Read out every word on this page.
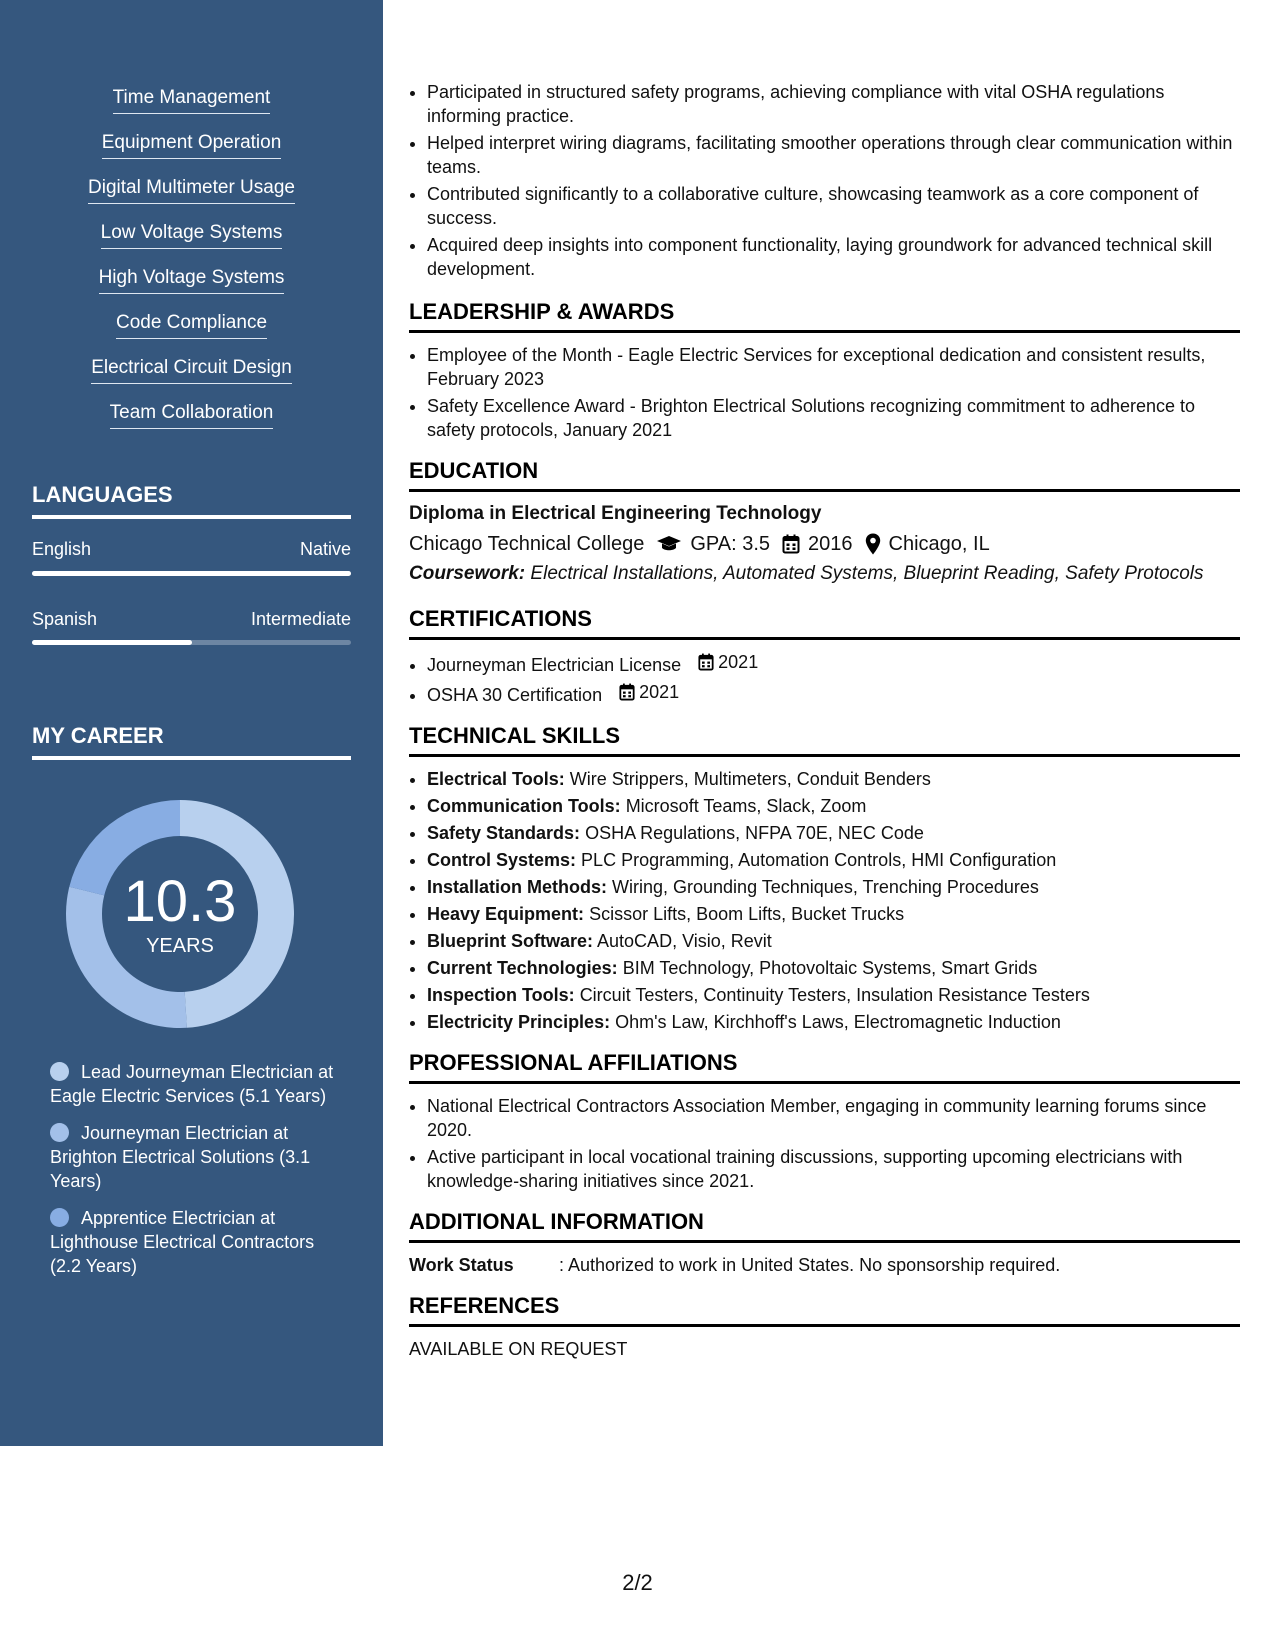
Time Management
Equipment Operation
Digital Multimeter Usage
Low Voltage Systems
High Voltage Systems
Code Compliance
Electrical Circuit Design
Team Collaboration
LANGUAGES
English	Native
Spanish	Intermediate
MY CAREER
10.3
YEARS
Lead Journeyman Electrician at Eagle Electric Services (5.1 Years)
Journeyman Electrician at Brighton Electrical Solutions (3.1 Years)
Apprentice Electrician at Lighthouse Electrical Contractors (2.2 Years)
• Participated in structured safety programs, achieving compliance with vital OSHA regulations informing practice.
• Helped interpret wiring diagrams, facilitating smoother operations through clear communication within teams.
• Contributed significantly to a collaborative culture, showcasing teamwork as a core component of success.
• Acquired deep insights into component functionality, laying groundwork for advanced technical skill development.
LEADERSHIP & AWARDS
• Employee of the Month - Eagle Electric Services for exceptional dedication and consistent results, February 2023
• Safety Excellence Award - Brighton Electrical Solutions recognizing commitment to adherence to safety protocols, January 2021
EDUCATION
Diploma in Electrical Engineering Technology
Chicago Technical College GPA: 3.5 2016 Chicago, IL
Coursework: Electrical Installations, Automated Systems, Blueprint Reading, Safety Protocols
CERTIFICATIONS
• Journeyman Electrician License 2021
• OSHA 30 Certification 2021
TECHNICAL SKILLS
• Electrical Tools: Wire Strippers, Multimeters, Conduit Benders
• Communication Tools: Microsoft Teams, Slack, Zoom
• Safety Standards: OSHA Regulations, NFPA 70E, NEC Code
• Control Systems: PLC Programming, Automation Controls, HMI Configuration
• Installation Methods: Wiring, Grounding Techniques, Trenching Procedures
• Heavy Equipment: Scissor Lifts, Boom Lifts, Bucket Trucks
• Blueprint Software: AutoCAD, Visio, Revit
• Current Technologies: BIM Technology, Photovoltaic Systems, Smart Grids
• Inspection Tools: Circuit Testers, Continuity Testers, Insulation Resistance Testers
• Electricity Principles: Ohm's Law, Kirchhoff's Laws, Electromagnetic Induction
PROFESSIONAL AFFILIATIONS
• National Electrical Contractors Association Member, engaging in community learning forums since 2020.
• Active participant in local vocational training discussions, supporting upcoming electricians with knowledge-sharing initiatives since 2021.
ADDITIONAL INFORMATION
Work Status	: Authorized to work in United States. No sponsorship required.
REFERENCES
AVAILABLE ON REQUEST
2/2
